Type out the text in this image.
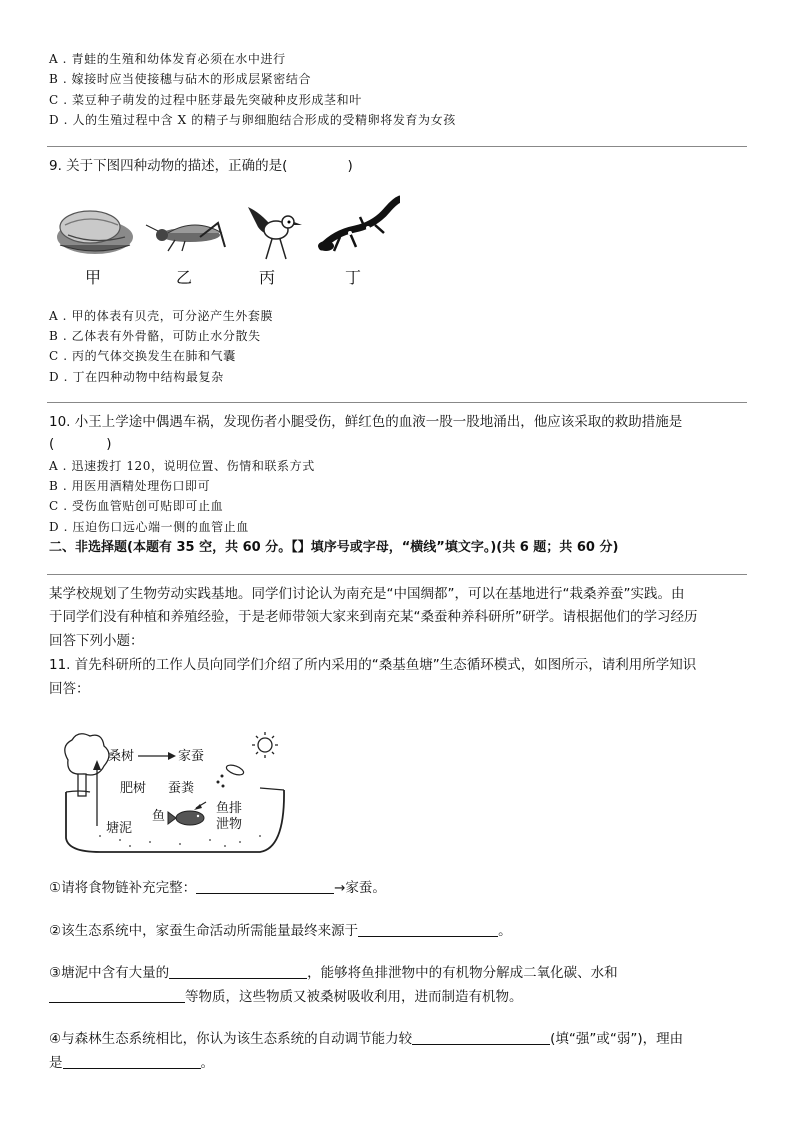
A . 青蛙的生殖和幼体发育必须在水中进行
B . 嫁接时应当使接穗与砧木的形成层紧密结合
C . 菜豆种子萌发的过程中胚芽最先突破种皮形成茎和叶
D . 人的生殖过程中含 X 的精子与卵细胞结合形成的受精卵将发育为女孩
9. 关于下图四种动物的描述，正确的是(	)
甲	乙	丙	丁
A . 甲的体表有贝壳，可分泌产生外套膜
B . 乙体表有外骨骼，可防止水分散失
C . 丙的气体交换发生在肺和气囊
D . 丁在四种动物中结构最复杂
10. 小王上学途中偶遇车祸，发现伤者小腿受伤，鲜红色的血液一股一股地涌出，他应该采取的救助措施是
(	)
A . 迅速拨打 120，说明位置、伤情和联系方式
B . 用医用酒精处理伤口即可
C . 受伤血管贴创可贴即可止血
D . 压迫伤口远心端一侧的血管止血
二、非选择题(本题有 35 空，共 60 分。【】填序号或字母，“横线”填文字。)(共 6 题；共 60 分)
某学校规划了生物劳动实践基地。同学们讨论认为南充是“中国绸都”，可以在基地进行“栽桑养蚕”实践。由
于同学们没有种植和养殖经验，于是老师带领大家来到南充某“桑蚕种养科研所”研学。请根据他们的学习经历
回答下列小题：
11. 首先科研所的工作人员向同学们介绍了所内采用的“桑基鱼塘”生态循环模式，如图所示，请利用所学知识
回答：
桑树	家蚕
肥树 蚕粪
鱼
鱼排
泄物
塘泥
①请将食物链补充完整：	→家蚕。
②该生态系统中，家蚕生命活动所需能量最终来源于	。
③塘泥中含有大量的	，能够将鱼排泄物中的有机物分解成二氧化碳、水和
等物质，这些物质又被桑树吸收利用，进而制造有机物。
④与森林生态系统相比，你认为该生态系统的自动调节能力较	(填“强”或“弱”)，理由
是	。
